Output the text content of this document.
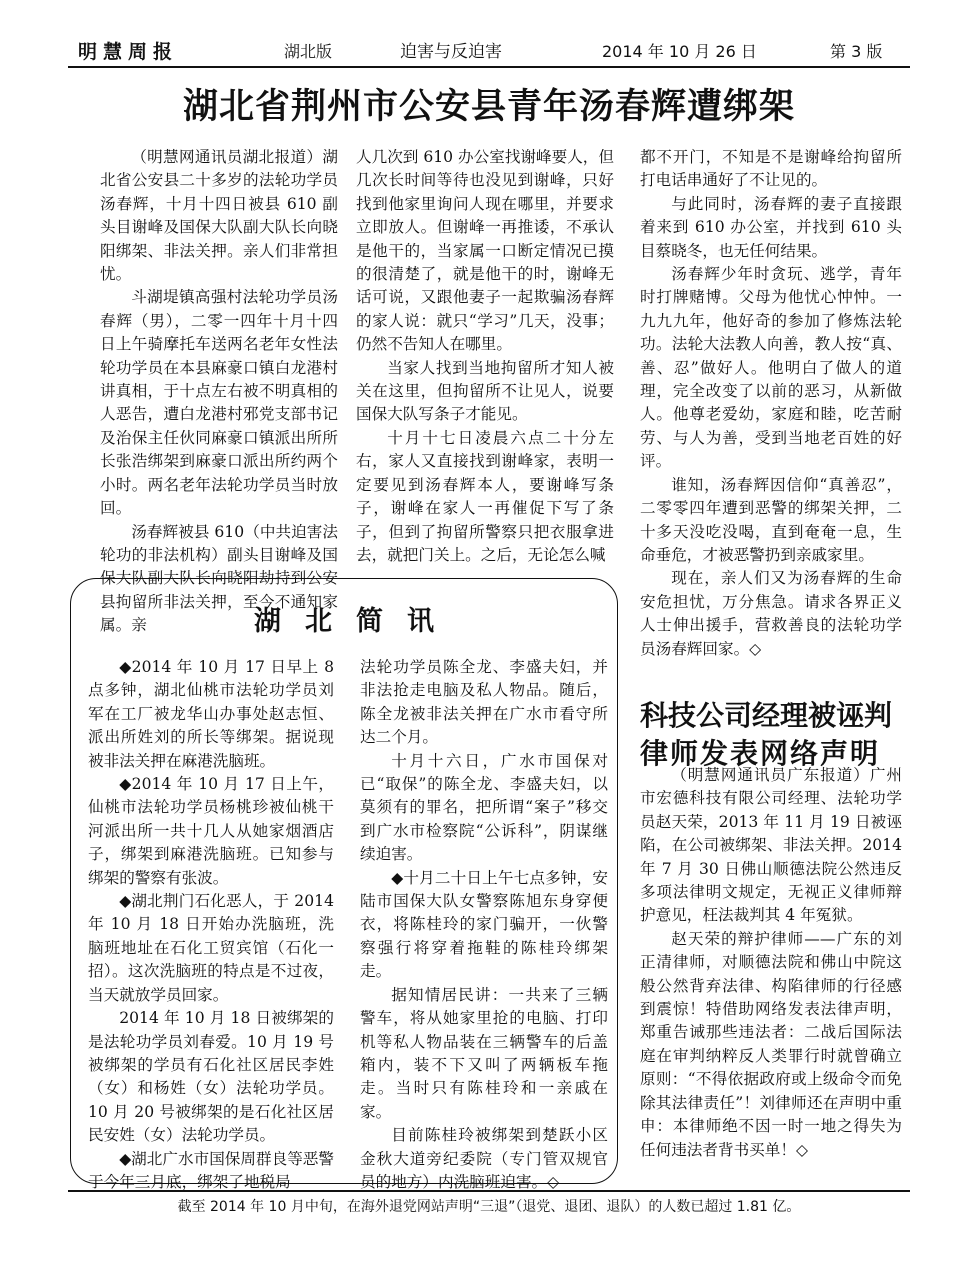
明慧周报	湖北版	迫害与反迫害	2014 年 10 月 26 日	第 3 版
湖北省荆州市公安县青年汤春辉遭绑架

（明慧网通讯员湖北报道）湖北省公安县二十多岁的法轮功学员汤春辉，十月十四日被县 610 副头目谢峰及国保大队副大队长向晓阳绑架、非法关押。亲人们非常担忧。

斗湖堤镇高强村法轮功学员汤春辉（男），二零一四年十月十四日上午骑摩托车送两名老年女性法轮功学员在本县麻豪口镇白龙港村讲真相，于十点左右被不明真相的人恶告，遭白龙港村邪党支部书记及治保主任伙同麻豪口镇派出所所长张浩绑架到麻豪口派出所约两个小时。两名老年法轮功学员当时放回。

汤春辉被县 610（中共迫害法轮功的非法机构）副头目谢峰及国保大队副大队长向晓阳劫持到公安县拘留所非法关押，至今不通知家属。亲

人几次到 610 办公室找谢峰要人，但几次长时间等待也没见到谢峰，只好找到他家里询问人现在哪里，并要求立即放人。但谢峰一再推诿，不承认是他干的，当家属一口断定情况已摸的很清楚了，就是他干的时，谢峰无话可说，又跟他妻子一起欺骗汤春辉的家人说：就只“学习”几天，没事；仍然不告知人在哪里。

当家人找到当地拘留所才知人被关在这里，但拘留所不让见人，说要国保大队写条子才能见。

十月十七日凌晨六点二十分左右，家人又直接找到谢峰家，表明一定要见到汤春辉本人，要谢峰写条子，谢峰在家人一再催促下写了条子，但到了拘留所警察只把衣服拿进去，就把门关上。之后，无论怎么喊

都不开门，不知是不是谢峰给拘留所打电话串通好了不让见的。

与此同时，汤春辉的妻子直接跟着来到 610 办公室，并找到 610 头目蔡晓冬，也无任何结果。

汤春辉少年时贪玩、逃学，青年时打牌赌博。父母为他忧心忡忡。一九九九年，他好奇的参加了修炼法轮功。法轮大法教人向善，教人按“真、善、忍”做好人。他明白了做人的道理，完全改变了以前的恶习，从新做人。他尊老爱幼，家庭和睦，吃苦耐劳、与人为善，受到当地老百姓的好评。

谁知，汤春辉因信仰“真善忍”，二零零四年遭到恶警的绑架关押，二十多天没吃没喝，直到奄奄一息，生命垂危，才被恶警扔到亲戚家里。

现在，亲人们又为汤春辉的生命安危担忧，万分焦急。请求各界正义人士伸出援手，营救善良的法轮功学员汤春辉回家。◇

湖北简讯

◆2014 年 10 月 17 日早上 8 点多钟，湖北仙桃市法轮功学员刘军在工厂被龙华山办事处赵志恒、派出所姓刘的所长等绑架。据说现被非法关押在麻港洗脑班。

◆2014 年 10 月 17 日上午，仙桃市法轮功学员杨桃珍被仙桃干河派出所一共十几人从她家烟酒店子，绑架到麻港洗脑班。已知参与绑架的警察有张波。

◆湖北荆门石化恶人，于 2014 年 10 月 18 日开始办洗脑班，洗脑班地址在石化工贸宾馆（石化一招）。这次洗脑班的特点是不过夜，当天就放学员回家。

2014 年 10 月 18 日被绑架的是法轮功学员刘春爱。10 月 19 号被绑架的学员有石化社区居民李姓（女）和杨姓（女）法轮功学员。10 月 20 号被绑架的是石化社区居民安姓（女）法轮功学员。

◆湖北广水市国保周群良等恶警于今年三月底，绑架了地税局

法轮功学员陈全龙、李盛夫妇，并非法抢走电脑及私人物品。随后，陈全龙被非法关押在广水市看守所达二个月。

十月十六日，广水市国保对已“取保”的陈全龙、李盛夫妇，以莫须有的罪名，把所谓“案子”移交到广水市检察院“公诉科”，阴谋继续迫害。

◆十月二十日上午七点多钟，安陆市国保大队女警察陈旭东身穿便衣，将陈桂玲的家门骗开，一伙警察强行将穿着拖鞋的陈桂玲绑架走。

据知情居民讲：一共来了三辆警车，将从她家里抢的电脑、打印机等私人物品装在三辆警车的后盖箱内，装不下又叫了两辆板车拖走。当时只有陈桂玲和一亲戚在家。

目前陈桂玲被绑架到楚跃小区金秋大道旁纪委院（专门管双规官员的地方）内洗脑班迫害。◇

科技公司经理被诬判
律师发表网络声明

（明慧网通讯员广东报道）广州市宏德科技有限公司经理、法轮功学员赵天荣，2013 年 11 月 19 日被诬陷，在公司被绑架、非法关押。2014 年 7 月 30 日佛山顺德法院公然违反多项法律明文规定，无视正义律师辩护意见，枉法裁判其 4 年冤狱。

赵天荣的辩护律师——广东的刘正清律师，对顺德法院和佛山中院这般公然背弃法律、构陷律师的行径感到震惊！特借助网络发表法律声明，郑重告诫那些违法者：二战后国际法庭在审判纳粹反人类罪行时就曾确立原则：“不得依据政府或上级命令而免除其法律责任”！刘律师还在声明中重申：本律师绝不因一时一地之得失为任何违法者背书买单！◇

截至 2014 年 10 月中旬，在海外退党网站声明“三退”（退党、退团、退队）的人数已超过 1.81 亿。
